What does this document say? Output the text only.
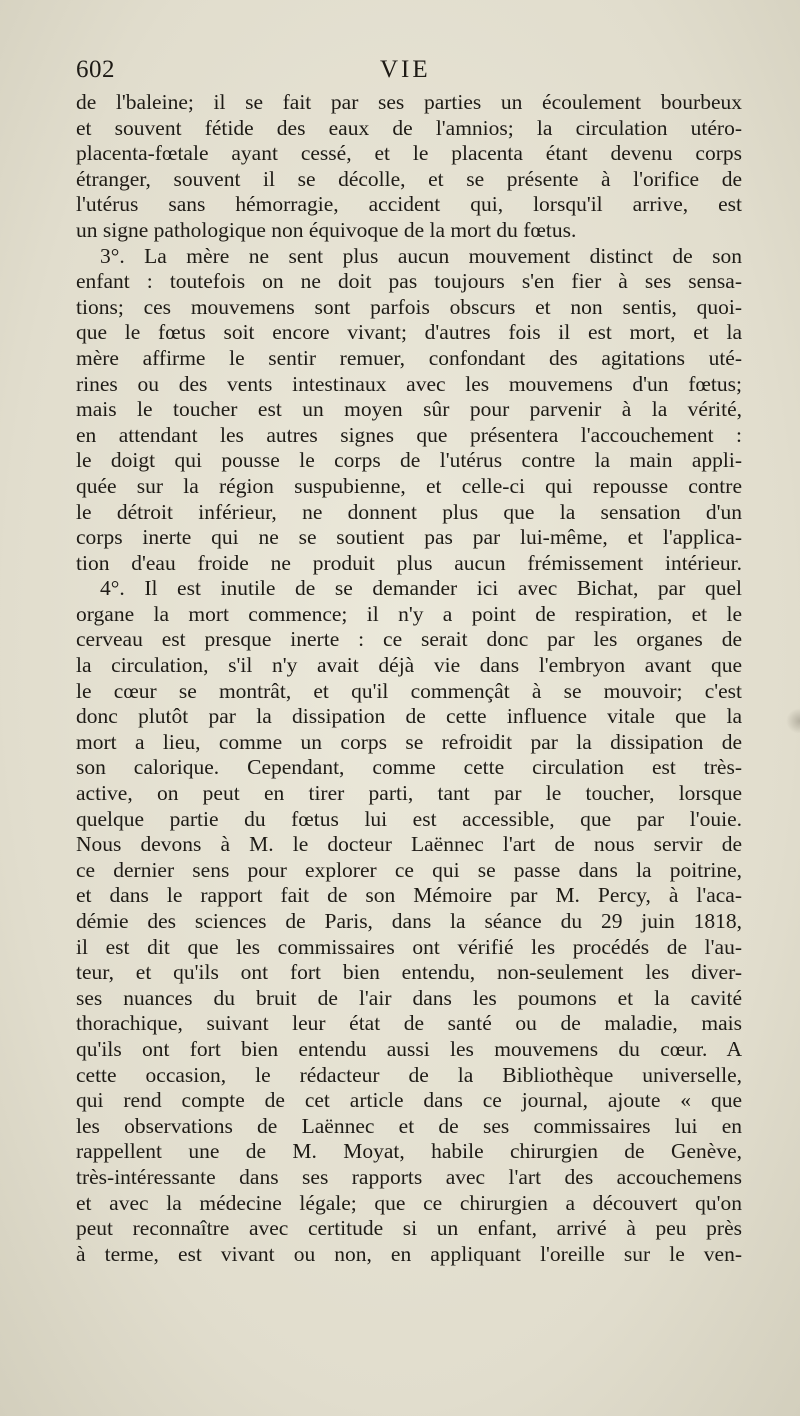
602	VIE
de l'baleine; il se fait par ses parties un écoulement bourbeux
et souvent fétide des eaux de l'amnios; la circulation utéro-
placenta-fœtale ayant cessé, et le placenta étant devenu corps
étranger, souvent il se décolle, et se présente à l'orifice de
l'utérus sans hémorragie, accident qui, lorsqu'il arrive, est
un signe pathologique non équivoque de la mort du fœtus.
3°. La mère ne sent plus aucun mouvement distinct de son
enfant : toutefois on ne doit pas toujours s'en fier à ses sensa-
tions; ces mouvemens sont parfois obscurs et non sentis, quoi-
que le fœtus soit encore vivant; d'autres fois il est mort, et la
mère affirme le sentir remuer, confondant des agitations uté-
rines ou des vents intestinaux avec les mouvemens d'un fœtus;
mais le toucher est un moyen sûr pour parvenir à la vérité,
en attendant les autres signes que présentera l'accouchement :
le doigt qui pousse le corps de l'utérus contre la main appli-
quée sur la région suspubienne, et celle-ci qui repousse contre
le détroit inférieur, ne donnent plus que la sensation d'un
corps inerte qui ne se soutient pas par lui-même, et l'applica-
tion d'eau froide ne produit plus aucun frémissement intérieur.
4°. Il est inutile de se demander ici avec Bichat, par quel
organe la mort commence; il n'y a point de respiration, et le
cerveau est presque inerte : ce serait donc par les organes de
la circulation, s'il n'y avait déjà vie dans l'embryon avant que
le cœur se montrât, et qu'il commençât à se mouvoir; c'est
donc plutôt par la dissipation de cette influence vitale que la
mort a lieu, comme un corps se refroidit par la dissipation de
son calorique. Cependant, comme cette circulation est très-
active, on peut en tirer parti, tant par le toucher, lorsque
quelque partie du fœtus lui est accessible, que par l'ouie.
Nous devons à M. le docteur Laënnec l'art de nous servir de
ce dernier sens pour explorer ce qui se passe dans la poitrine,
et dans le rapport fait de son Mémoire par M. Percy, à l'aca-
démie des sciences de Paris, dans la séance du 29 juin 1818,
il est dit que les commissaires ont vérifié les procédés de l'au-
teur, et qu'ils ont fort bien entendu, non-seulement les diver-
ses nuances du bruit de l'air dans les poumons et la cavité
thorachique, suivant leur état de santé ou de maladie, mais
qu'ils ont fort bien entendu aussi les mouvemens du cœur. A
cette occasion, le rédacteur de la Bibliothèque universelle,
qui rend compte de cet article dans ce journal, ajoute « que
les observations de Laënnec et de ses commissaires lui en
rappellent une de M. Moyat, habile chirurgien de Genève,
très-intéressante dans ses rapports avec l'art des accouchemens
et avec la médecine légale; que ce chirurgien a découvert qu'on
peut reconnaître avec certitude si un enfant, arrivé à peu près
à terme, est vivant ou non, en appliquant l'oreille sur le ven-
